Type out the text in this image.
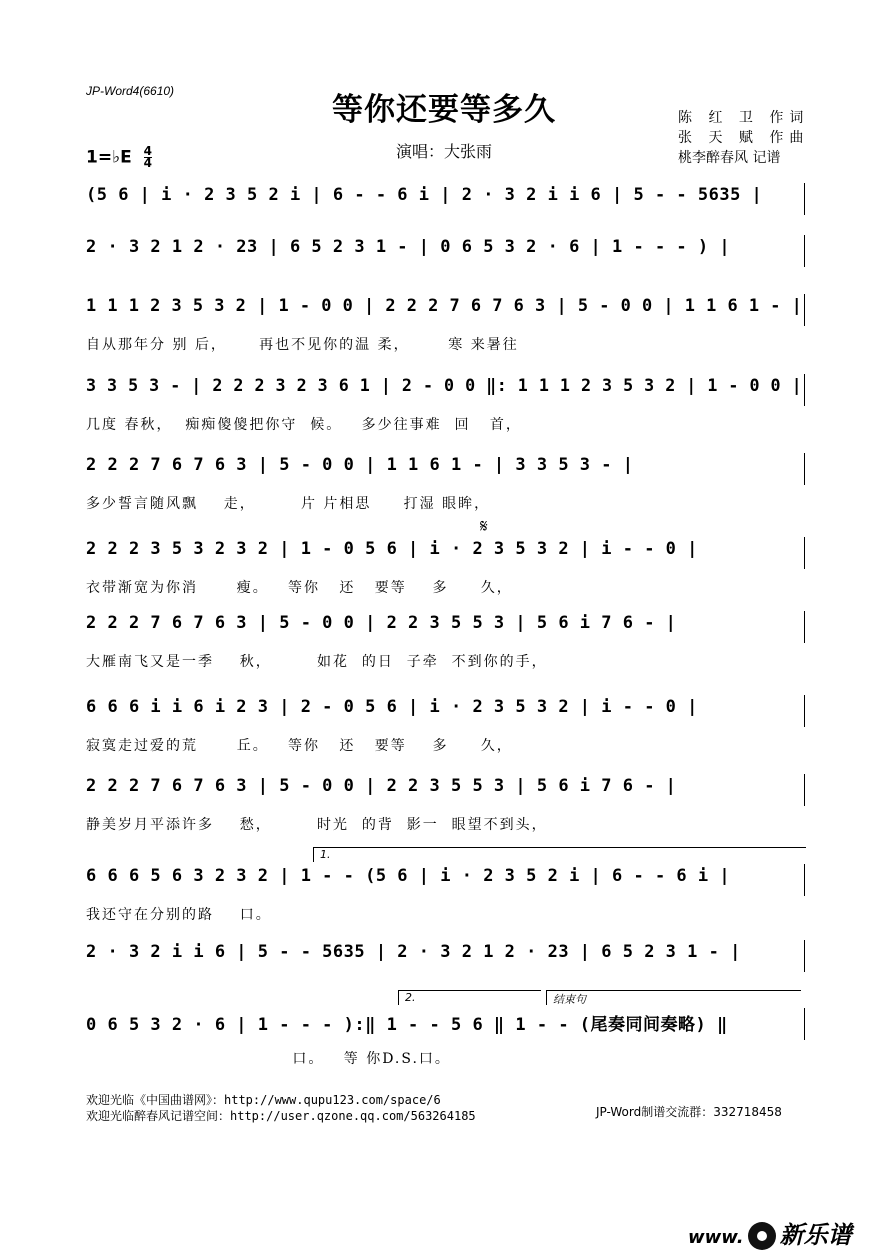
JP-Word4(6610)
等你还要等多久	陈 红 卫 作词
张 天 赋 作曲
桃李醉春风 记谱
1=♭E $\frac{4}{4}$	演唱：大张雨
(5 6 | i · 2 3 5 2 i | 6 - - 6 i | 2 · 3 2 i i 6 | 5 - - 5635 |
2 · 3 2 1 2 · 23 | 6 5 2 3 1 - | 0 6 5 3 2 · 6 | 1 - - - ) |
1 1 1 2 3 5 3 2 | 1 - 0 0 | 2 2 2 7 6 7 6 3 | 5 - 0 0 | 1 1 6 1 - |
自从那年分 别 后，     再也不见你的温 柔，      寒 来暑往
3 3 5 3 - | 2 2 2 3 2 3 6 1 | 2 - 0 0 ‖: 1 1 1 2 3 5 3 2 | 1 - 0 0 |
几度 春秋，  痴痴傻傻把你守  候。   多少往事难  回   首，
2 2 2 7 6 7 6 3 | 5 - 0 0 | 1 1 6 1 - | 3 3 5 3 - |
多少誓言随风飘    走，       片 片相思     打湿 眼眸，
2 2 2 3 5 3 2 3 2 | 1 - 0 5 6 | i · 2 3 5 3 2 | i - - 0 |
衣带渐宽为你消      瘦。   等你   还   要等    多     久，
2 2 2 7 6 7 6 3 | 5 - 0 0 | 2 2 3 5 5 3 | 5 6 i 7 6 - |
大雁南飞又是一季    秋，       如花  的日  子牵  不到你的手，
6 6 6 i i 6 i 2 3 | 2 - 0 5 6 | i · 2 3 5 3 2 | i - - 0 |
寂寞走过爱的荒      丘。   等你   还   要等    多     久，
2 2 2 7 6 7 6 3 | 5 - 0 0 | 2 2 3 5 5 3 | 5 6 i 7 6 - |
静美岁月平添许多    愁，       时光  的背  影一  眼望不到头，
6 6 6 5 6 3 2 3 2 | 1 - - (5 6 | i · 2 3 5 2 i | 6 - - 6 i |
我还守在分别的路    口。
2 · 3 2 i i 6 | 5 - - 5635 | 2 · 3 2 1 2 · 23 | 6 5 2 3 1 - |
0 6 5 3 2 · 6 | 1 - - - ):‖ 1 - - 5 6 ‖ 1 - - (尾奏同间奏略) ‖
口。   等 你D.S.口。
𝄋
1.
2.	结束句
欢迎光临《中国曲谱网》：http://www.qupu123.com/space/6
欢迎光临醉春风记谱空间：http://user.qzone.qq.com/563264185	JP-Word制谱交流群：332718458
www. 新乐谱
